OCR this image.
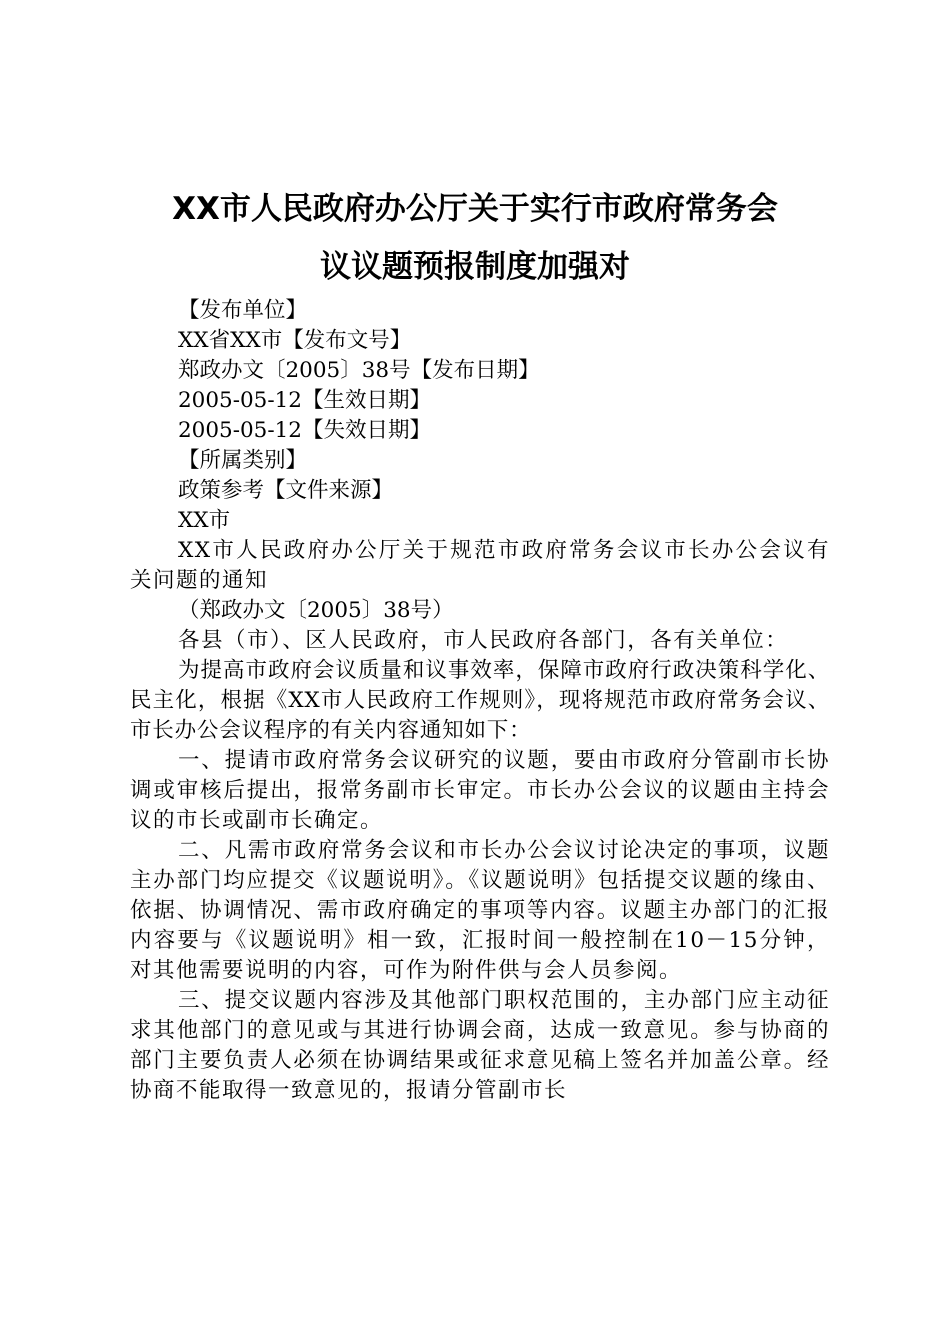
XX市人民政府办公厅关于实行市政府常务会
议议题预报制度加强对

【发布单位】

XX省XX市【发布文号】

郑政办文〔2005〕38号【发布日期】

2005-05-12【生效日期】

2005-05-12【失效日期】

【所属类别】

政策参考【文件来源】

XX市

XX市人民政府办公厅关于规范市政府常务会议市长办公会议有关问题的通知

（郑政办文〔2005〕38号）

各县（市）、区人民政府，市人民政府各部门，各有关单位：

为提高市政府会议质量和议事效率，保障市政府行政决策科学化、民主化，根据《XX市人民政府工作规则》，现将规范市政府常务会议、市长办公会议程序的有关内容通知如下：

一、提请市政府常务会议研究的议题，要由市政府分管副市长协调或审核后提出，报常务副市长审定。市长办公会议的议题由主持会议的市长或副市长确定。

二、凡需市政府常务会议和市长办公会议讨论决定的事项，议题主办部门均应提交《议题说明》。《议题说明》包括提交议题的缘由、依据、协调情况、需市政府确定的事项等内容。议题主办部门的汇报内容要与《议题说明》相一致，汇报时间一般控制在10－15分钟，对其他需要说明的内容，可作为附件供与会人员参阅。

三、提交议题内容涉及其他部门职权范围的，主办部门应主动征求其他部门的意见或与其进行协调会商，达成一致意见。参与协商的部门主要负责人必须在协调结果或征求意见稿上签名并加盖公章。经协商不能取得一致意见的，报请分管副市长
